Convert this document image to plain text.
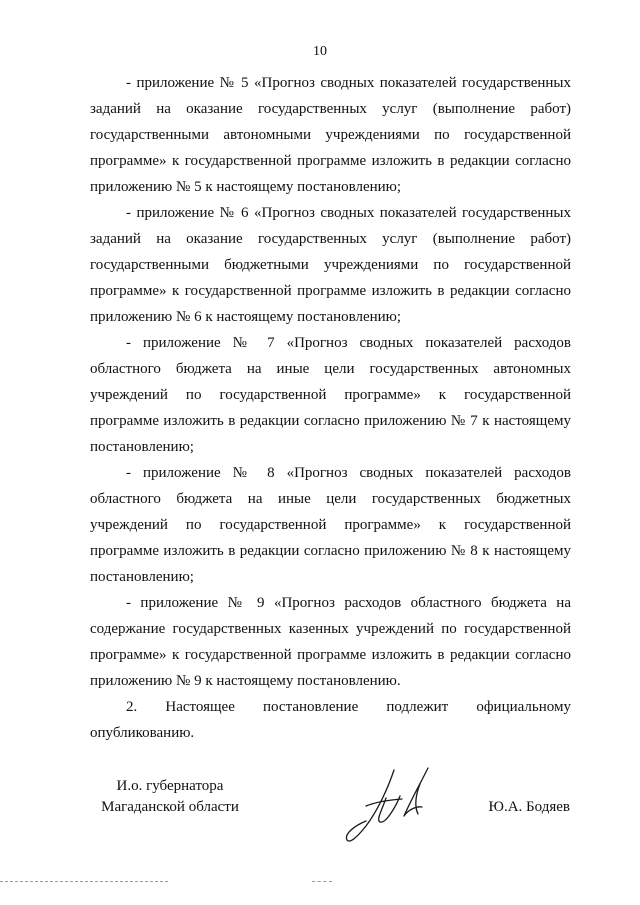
10

- приложение № 5 «Прогноз сводных показателей государственных заданий на оказание государственных услуг (выполнение работ) государственными автономными учреждениями по государственной программе» к государственной программе изложить в редакции согласно приложению № 5 к настоящему постановлению;

- приложение № 6 «Прогноз сводных показателей государственных заданий на оказание государственных услуг (выполнение работ) государственными бюджетными учреждениями по государственной программе» к государственной программе изложить в редакции согласно приложению № 6 к настоящему постановлению;

- приложение № 7 «Прогноз сводных показателей расходов областного бюджета на иные цели государственных автономных учреждений по государственной программе» к государственной программе изложить в редакции согласно приложению № 7 к настоящему постановлению;

- приложение № 8 «Прогноз сводных показателей расходов областного бюджета на иные цели государственных бюджетных учреждений по государственной программе» к государственной программе изложить в редакции согласно приложению № 8 к настоящему постановлению;

- приложение № 9 «Прогноз расходов областного бюджета на содержание государственных казенных учреждений по государственной программе» к государственной программе изложить в редакции согласно приложению № 9 к настоящему постановлению.

2. Настоящее постановление подлежит официальному опубликованию.

И.о. губернатора
Магаданской области	Ю.А. Бодяев
